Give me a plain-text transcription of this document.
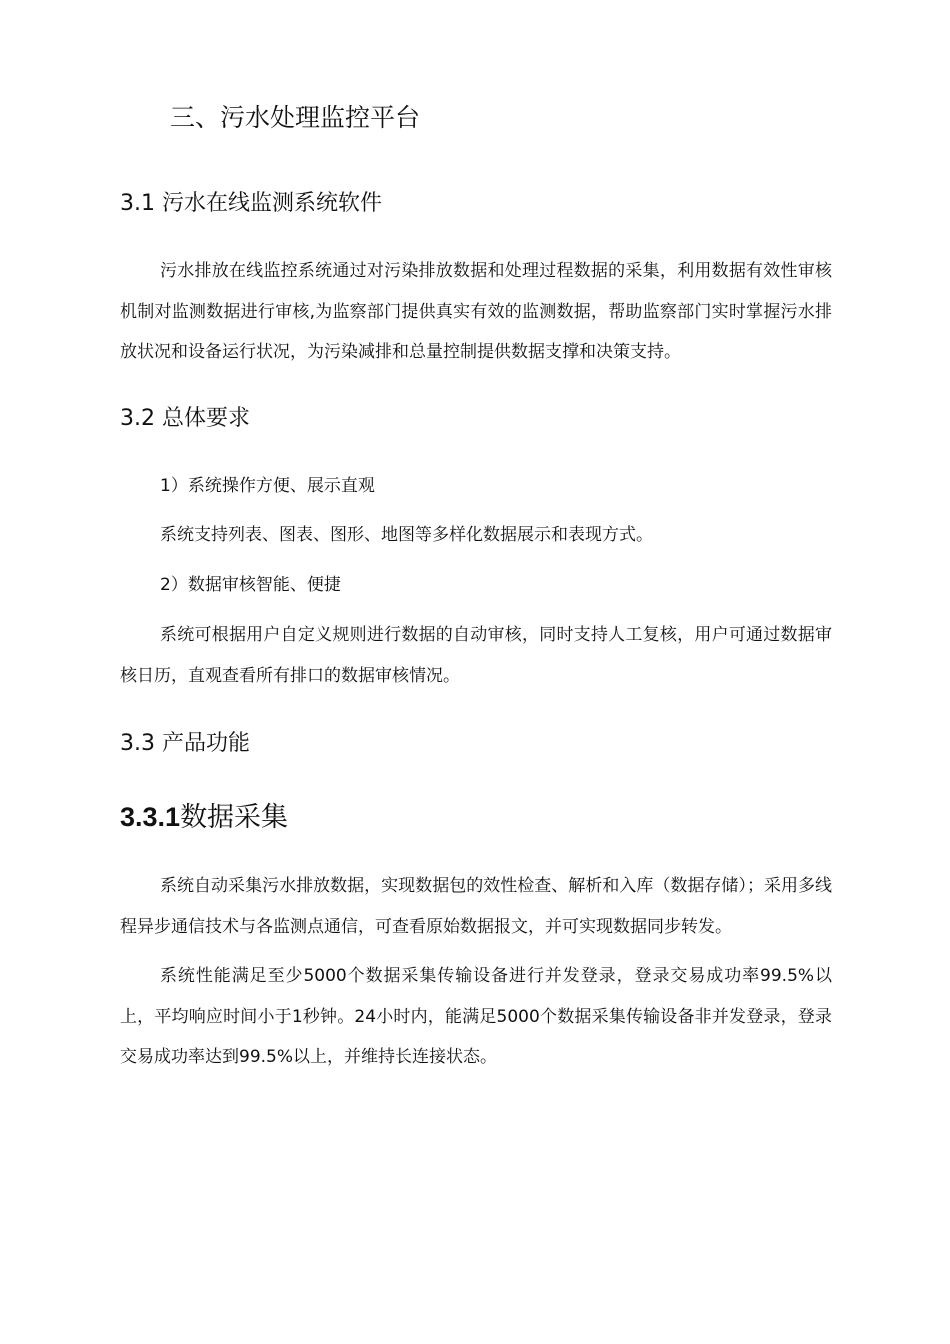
三、污水处理监控平台
3.1 污水在线监测系统软件

污水排放在线监控系统通过对污染排放数据和处理过程数据的采集，利用数据有效性审核机制对监测数据进行审核,为监察部门提供真实有效的监测数据，帮助监察部门实时掌握污水排放状况和设备运行状况，为污染减排和总量控制提供数据支撑和决策支持。

3.2 总体要求

1）系统操作方便、展示直观

系统支持列表、图表、图形、地图等多样化数据展示和表现方式。

2）数据审核智能、便捷

系统可根据用户自定义规则进行数据的自动审核，同时支持人工复核，用户可通过数据审核日历，直观查看所有排口的数据审核情况。

3.3 产品功能
3.3.1数据采集

系统自动采集污水排放数据，实现数据包的效性检查、解析和入库（数据存储）；采用多线程异步通信技术与各监测点通信，可查看原始数据报文，并可实现数据同步转发。

系统性能满足至少5000个数据采集传输设备进行并发登录，登录交易成功率99.5%以上，平均响应时间小于1秒钟。24小时内，能满足5000个数据采集传输设备非并发登录，登录交易成功率达到99.5%以上，并维持长连接状态。
